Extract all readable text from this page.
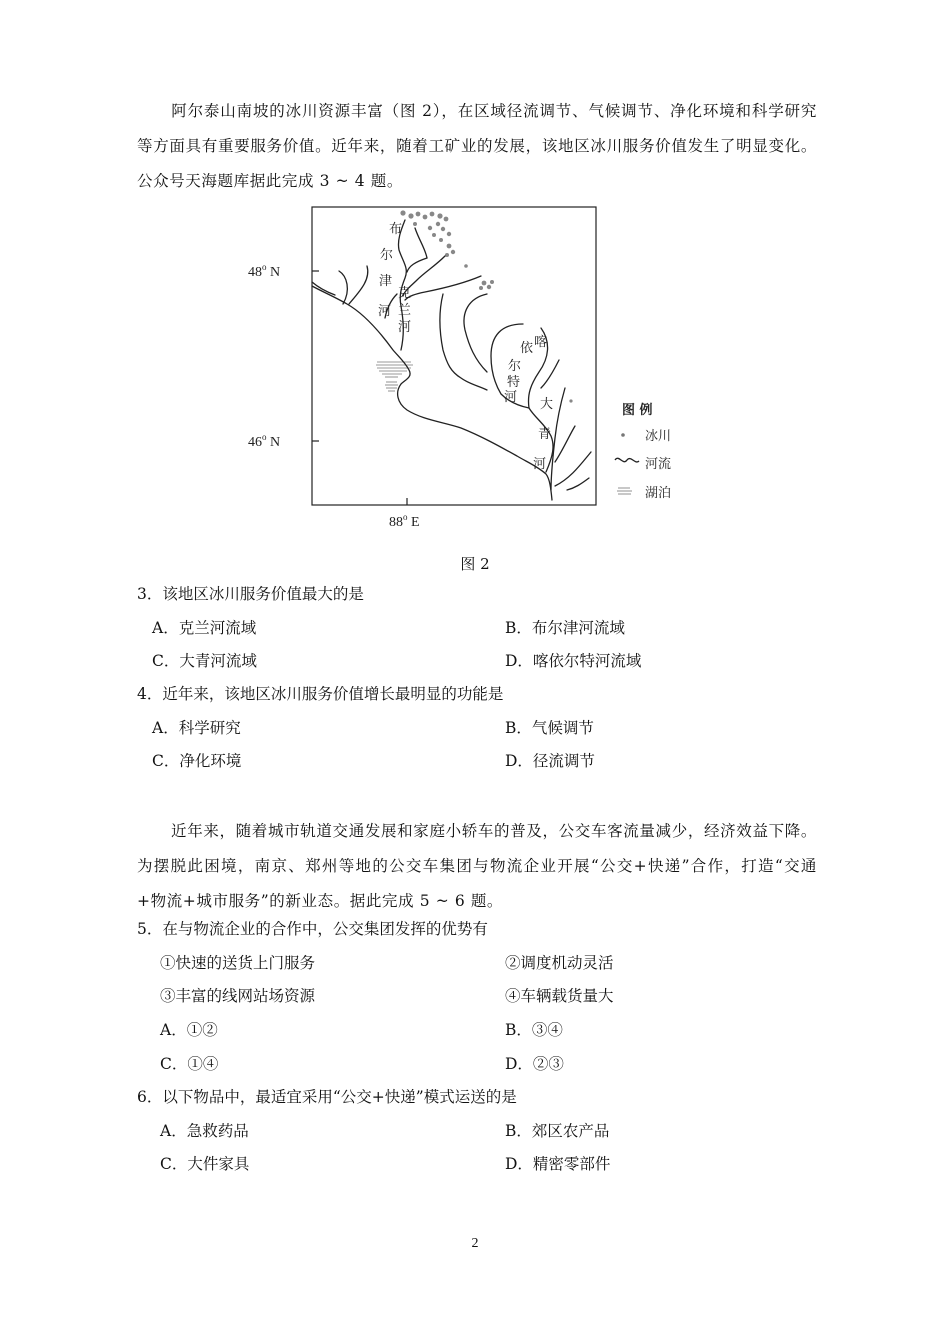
阿尔泰山南坡的冰川资源丰富（图 2），在区域径流调节、气候调节、净化环境和科学研究等方面具有重要服务价值。近年来，随着工矿业的发展，该地区冰川服务价值发生了明显变化。公众号天海题库据此完成 3 ~ 4 题。
48$^o$ N
46$^o$ N
88$^o$ E
布
尔
津
河
克
兰
河
喀
依
尔
特
河 大
青
河
图 例
冰川
河流
湖泊
图 2
3．该地区冰川服务价值最大的是
A．克兰河流域	B．布尔津河流域
C．大青河流域	D．喀依尔特河流域
4．近年来，该地区冰川服务价值增长最明显的功能是
A．科学研究	B．气候调节
C．净化环境	D．径流调节
近年来，随着城市轨道交通发展和家庭小轿车的普及，公交车客流量减少，经济效益下降。为摆脱此困境，南京、郑州等地的公交车集团与物流企业开展“公交+快递”合作，打造“交通+物流+城市服务”的新业态。据此完成 5 ~ 6 题。
5．在与物流企业的合作中，公交集团发挥的优势有
①快速的送货上门服务	②调度机动灵活
③丰富的线网站场资源	④车辆载货量大
A．①②	B．③④
C．①④	D．②③
6．以下物品中，最适宜采用“公交+快递”模式运送的是
A．急救药品	B．郊区农产品
C．大件家具	D．精密零部件
2
